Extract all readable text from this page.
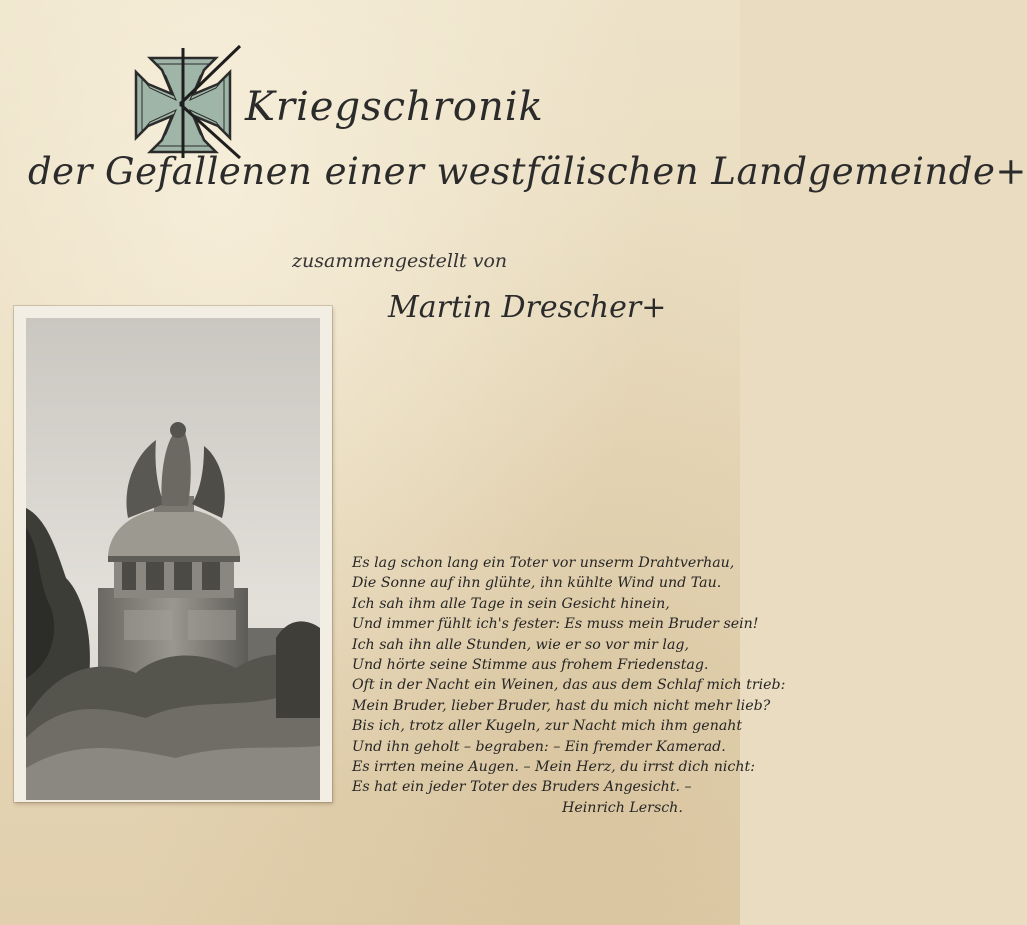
Kriegschronik
der Gefallenen einer westfälischen Landgemeinde+
zusammengestellt von
Martin Drescher+
Es lag schon lang ein Toter vor unserm Drahtverhau,
Die Sonne auf ihn glühte, ihn kühlte Wind und Tau.
Ich sah ihm alle Tage in sein Gesicht hinein,
Und immer fühlt ich's fester: Es muss mein Bruder sein!
Ich sah ihn alle Stunden, wie er so vor mir lag,
Und hörte seine Stimme aus frohem Friedenstag.
Oft in der Nacht ein Weinen, das aus dem Schlaf mich trieb:
Mein Bruder, lieber Bruder, hast du mich nicht mehr lieb?
Bis ich, trotz aller Kugeln, zur Nacht mich ihm genaht
Und ihn geholt – begraben: – Ein fremder Kamerad.
Es irrten meine Augen. – Mein Herz, du irrst dich nicht:
Es hat ein jeder Toter des Bruders Angesicht. –
Heinrich Lersch.
